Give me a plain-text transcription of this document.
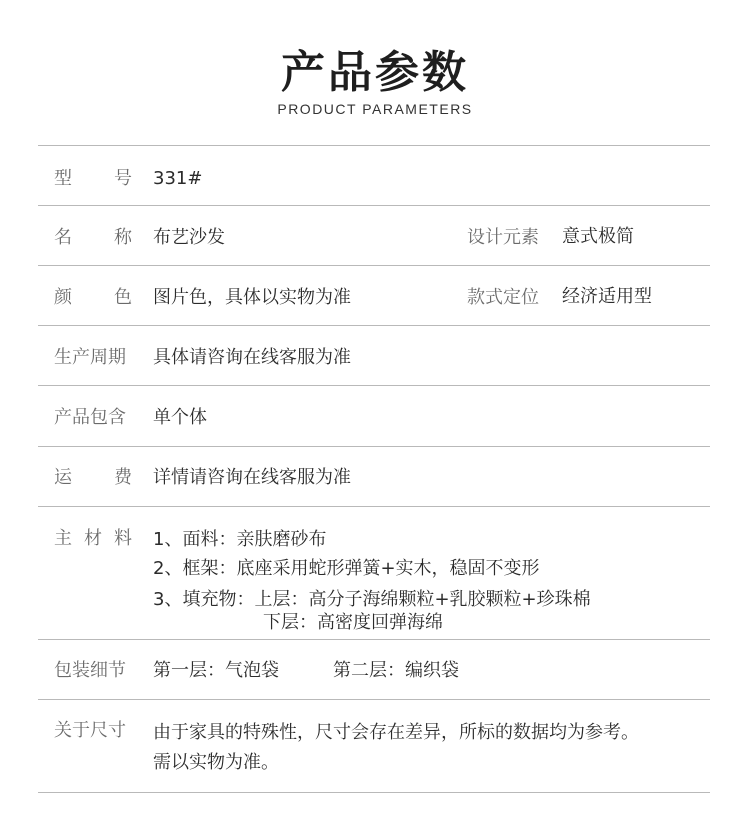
产品参数
PRODUCT PARAMETERS
型号 331#
名称 布艺沙发	设计元素 意式极简
颜色 图片色，具体以实物为准	款式定位 经济适用型
生产周期	具体请咨询在线客服为准
产品包含	单个体
运费 详情请咨询在线客服为准
主材料 1、面料：亲肤磨砂布
2、框架：底座采用蛇形弹簧+实木，稳固不变形
3、填充物：上层：高分子海绵颗粒+乳胶颗粒+珍珠棉
下层：高密度回弹海绵
包装细节	第一层：气泡袋	第二层：编织袋
关于尺寸	由于家具的特殊性，尺寸会存在差异，所标的数据均为参考。
需以实物为准。
